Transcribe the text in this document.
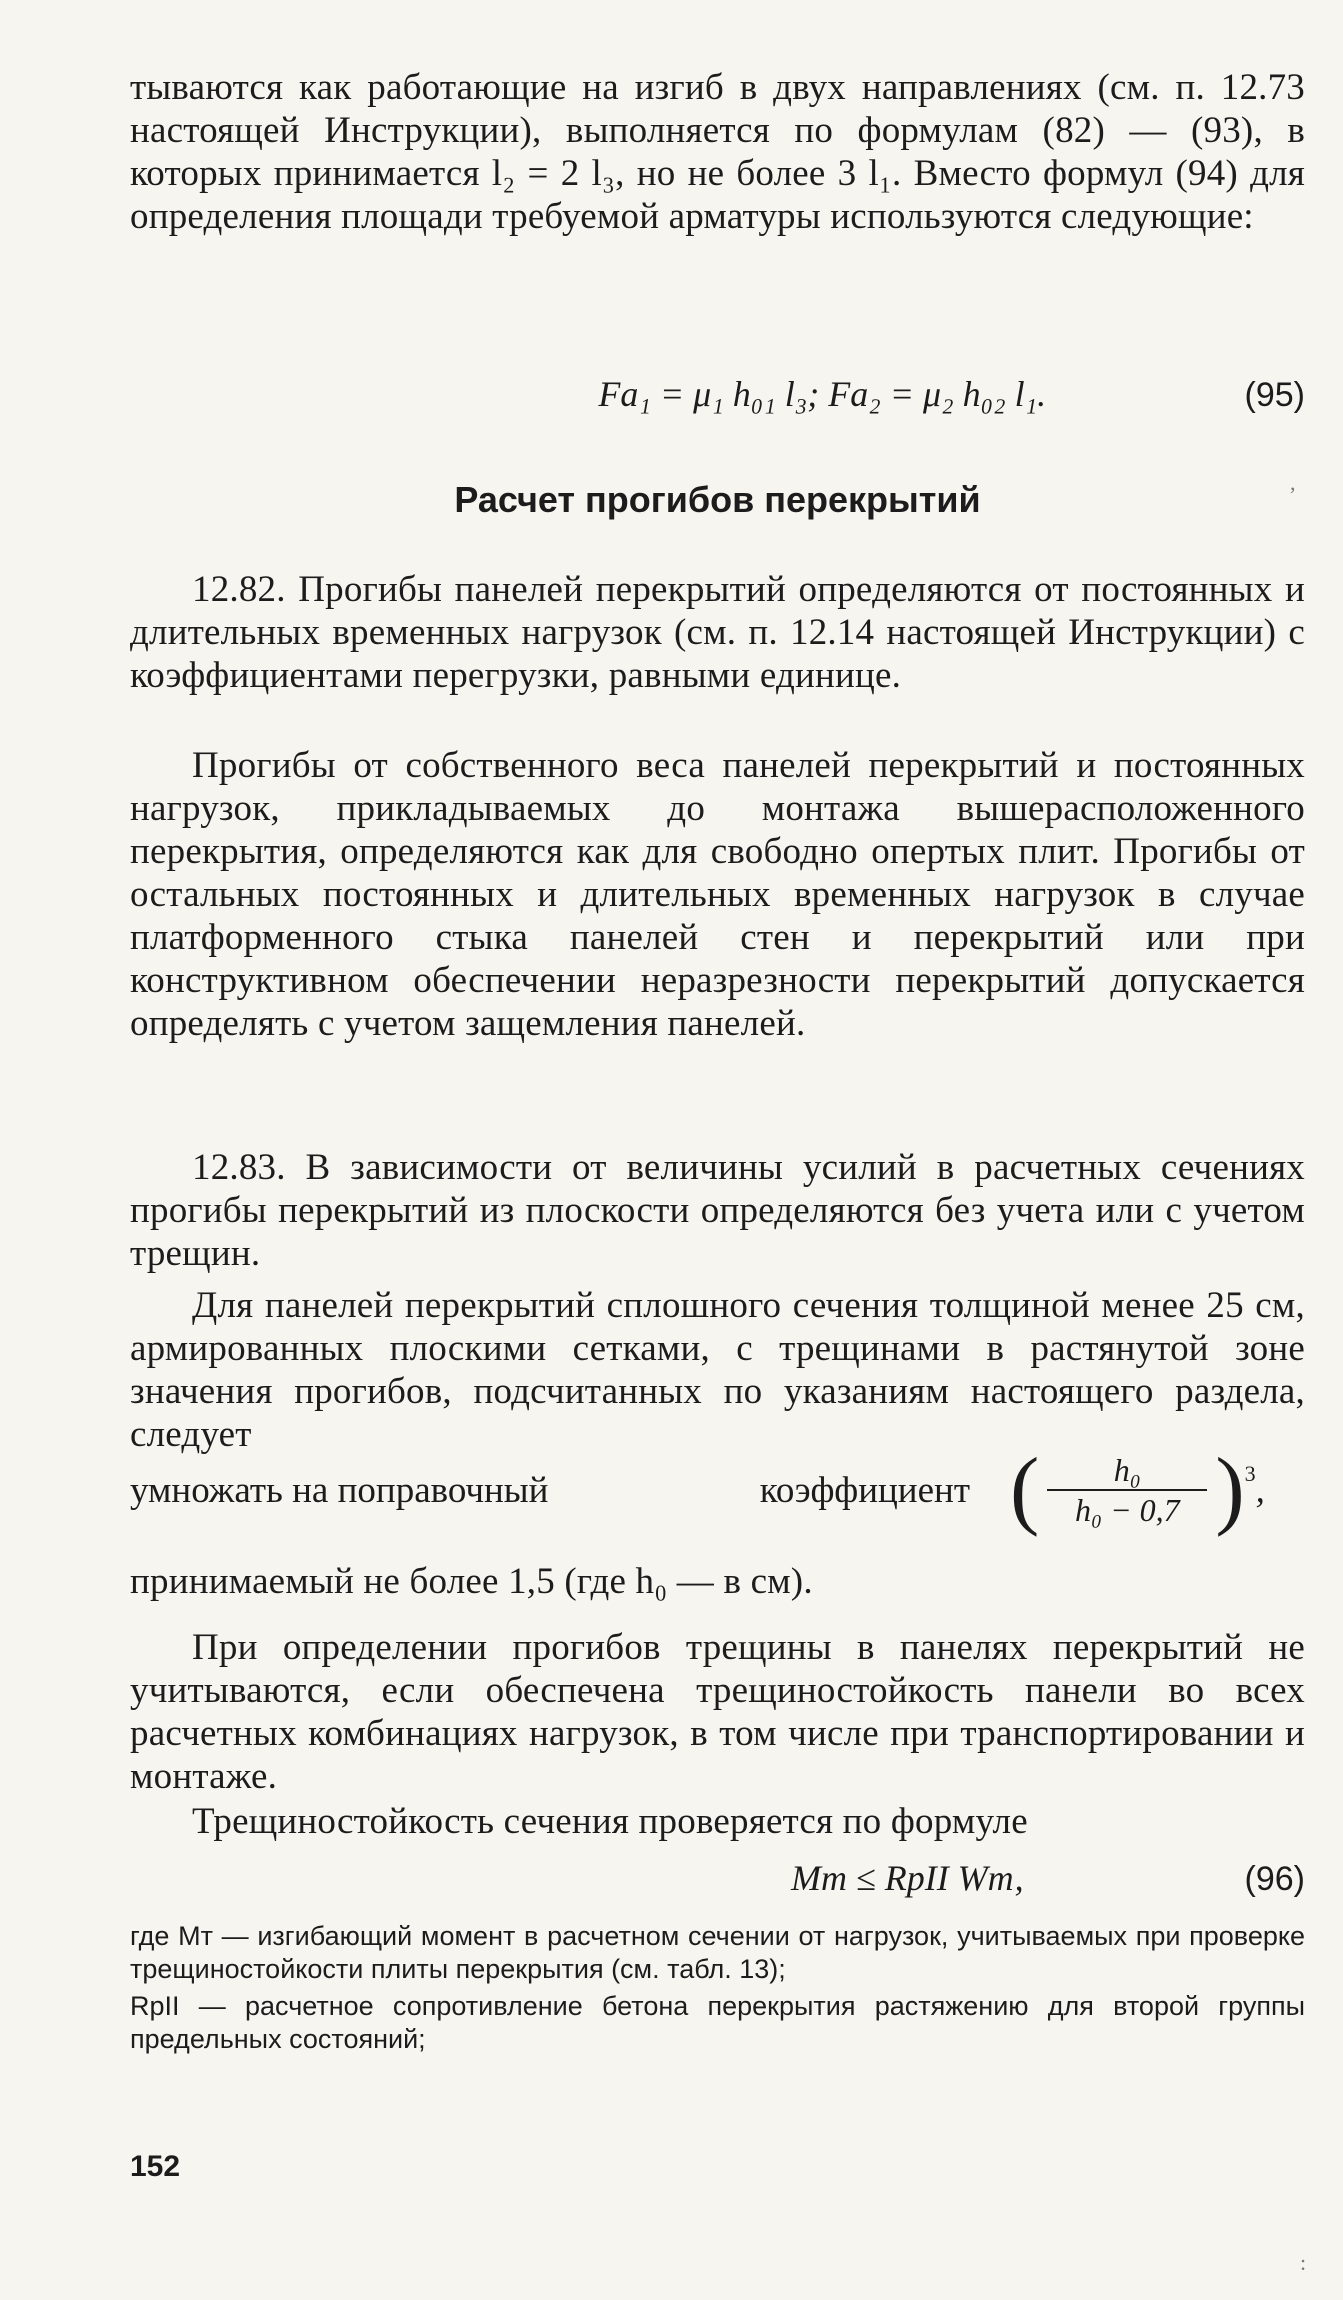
тываются как работающие на изгиб в двух направлениях (см. п. 12.73 настоящей Инструкции), выполняется по формулам (82) — (93), в которых принимается l₂ = 2 l₃, но не более 3 l₁. Вместо формул (94) для определения площади требуемой арматуры используются следующие:

Fа₁ = μ₁ h₀₁ l₃; Fа₂ = μ₂ h₀₂ l₁.	(95)

Расчет прогибов перекрытий

12.82. Прогибы панелей перекрытий определяются от постоянных и длительных временных нагрузок (см. п. 12.14 настоящей Инструкции) с коэффициентами перегрузки, равными единице.

Прогибы от собственного веса панелей перекрытий и постоянных нагрузок, прикладываемых до монтажа вышерасположенного перекрытия, определяются как для свободно опертых плит. Прогибы от остальных постоянных и длительных временных нагрузок в случае платформенного стыка панелей стен и перекрытий или при конструктивном обеспечении неразрезности перекрытий допускается определять с учетом защемления панелей.

12.83. В зависимости от величины усилий в расчетных сечениях прогибы перекрытий из плоскости определяются без учета или с учетом трещин.

Для панелей перекрытий сплошного сечения толщиной менее 25 см, армированных плоскими сетками, с трещинами в растянутой зоне значения прогибов, подсчитанных по указаниям настоящего раздела, следует

умножать на поправочный	коэффициент ( $\frac{\text{h₀}}{\text{h₀ − 0,7}}$ ) 3 ,

принимаемый не более 1,5 (где h₀ — в см).

При определении прогибов трещины в панелях перекрытий не учитываются, если обеспечена трещиностойкость панели во всех расчетных комбинациях нагрузок, в том числе при транспортировании и монтаже.

Трещиностойкость сечения проверяется по формуле

Mт ≤ RрII Wт,	(96)

где Mт — изгибающий момент в расчетном сечении от нагрузок, учитываемых при проверке трещиностойкости плиты перекрытия (см. табл. 13);

RрII — расчетное сопротивление бетона перекрытия растяжению для второй группы предельных состояний;

152
,
:
